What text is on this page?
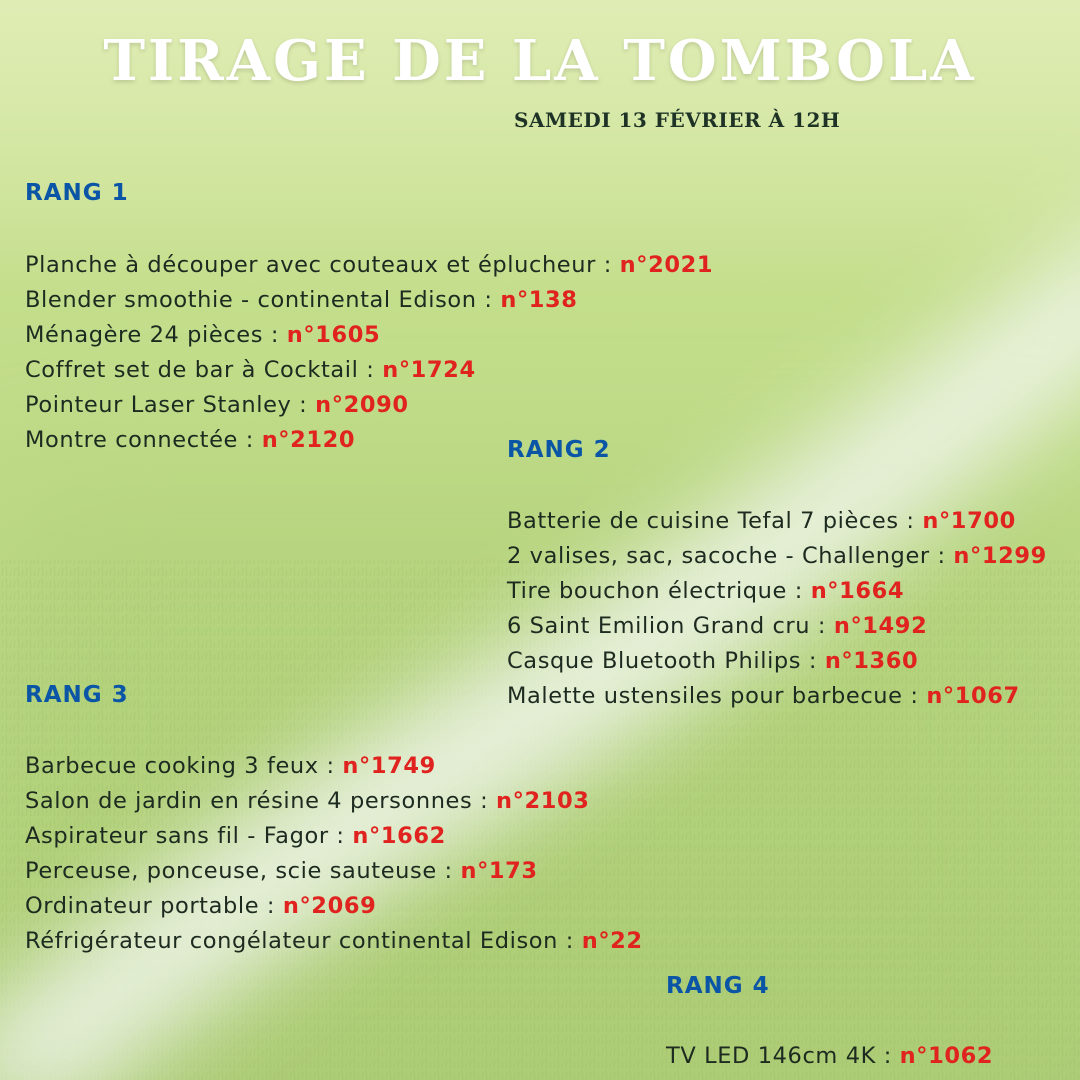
TIRAGE DE LA TOMBOLA
SAMEDI 13 FÉVRIER À 12H
RANG 1
Planche à découper avec couteaux et éplucheur : n°2021
Blender smoothie - continental Edison : n°138
Ménagère 24 pièces : n°1605
Coffret set de bar à Cocktail : n°1724
Pointeur Laser Stanley : n°2090
Montre connectée : n°2120	RANG 2
Batterie de cuisine Tefal 7 pièces : n°1700
2 valises, sac, sacoche - Challenger : n°1299
Tire bouchon électrique : n°1664
6 Saint Emilion Grand cru : n°1492
Casque Bluetooth Philips : n°1360
Malette ustensiles pour barbecue : n°1067
RANG 3
Barbecue cooking 3 feux : n°1749
Salon de jardin en résine 4 personnes : n°2103
Aspirateur sans fil - Fagor : n°1662
Perceuse, ponceuse, scie sauteuse : n°173
Ordinateur portable : n°2069
Réfrigérateur congélateur continental Edison : n°22
RANG 4
TV LED 146cm 4K : n°1062
